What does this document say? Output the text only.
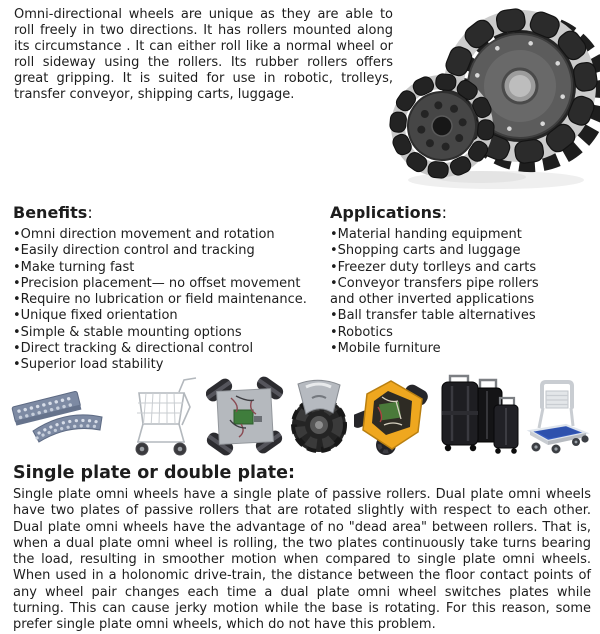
Omni-directional wheels are unique as they are able to roll freely in two directions. It has rollers mounted along its circumstance . It can either roll like a normal wheel or roll sideway using the rollers. Its rubber rollers offers great gripping. It is suited for use in robotic, trolleys, transfer conveyor, shipping carts, luggage.

Benefits:
•Omni direction movement and rotation
•Easily direction control and tracking
•Make turning fast
•Precision placement— no offset movement
•Require no lubrication or field maintenance.
•Unique fixed orientation
•Simple & stable mounting options
•Direct tracking & directional control
•Superior load stability
Applications:
•Material handing equipment
•Shopping carts and luggage
•Freezer duty torlleys and carts
•Conveyor transfers pipe rollers
and other inverted applications
•Ball transfer table alternatives
•Robotics
•Mobile furniture
Single plate or double plate:

Single plate omni wheels have a single plate of passive rollers. Dual plate omni wheels have two plates of passive rollers that are rotated slightly with respect to each other. Dual plate omni wheels have the advantage of no "dead area" between rollers. That is, when a dual plate omni wheel is rolling, the two plates continuously take turns bearing the load, resulting in smoother motion when compared to single plate omni wheels. When used in a holonomic drive-train, the distance between the floor contact points of any wheel pair changes each time a dual plate omni wheel switches plates while turning. This can cause jerky motion while the base is rotating. For this reason, some prefer single plate omni wheels, which do not have this problem.
